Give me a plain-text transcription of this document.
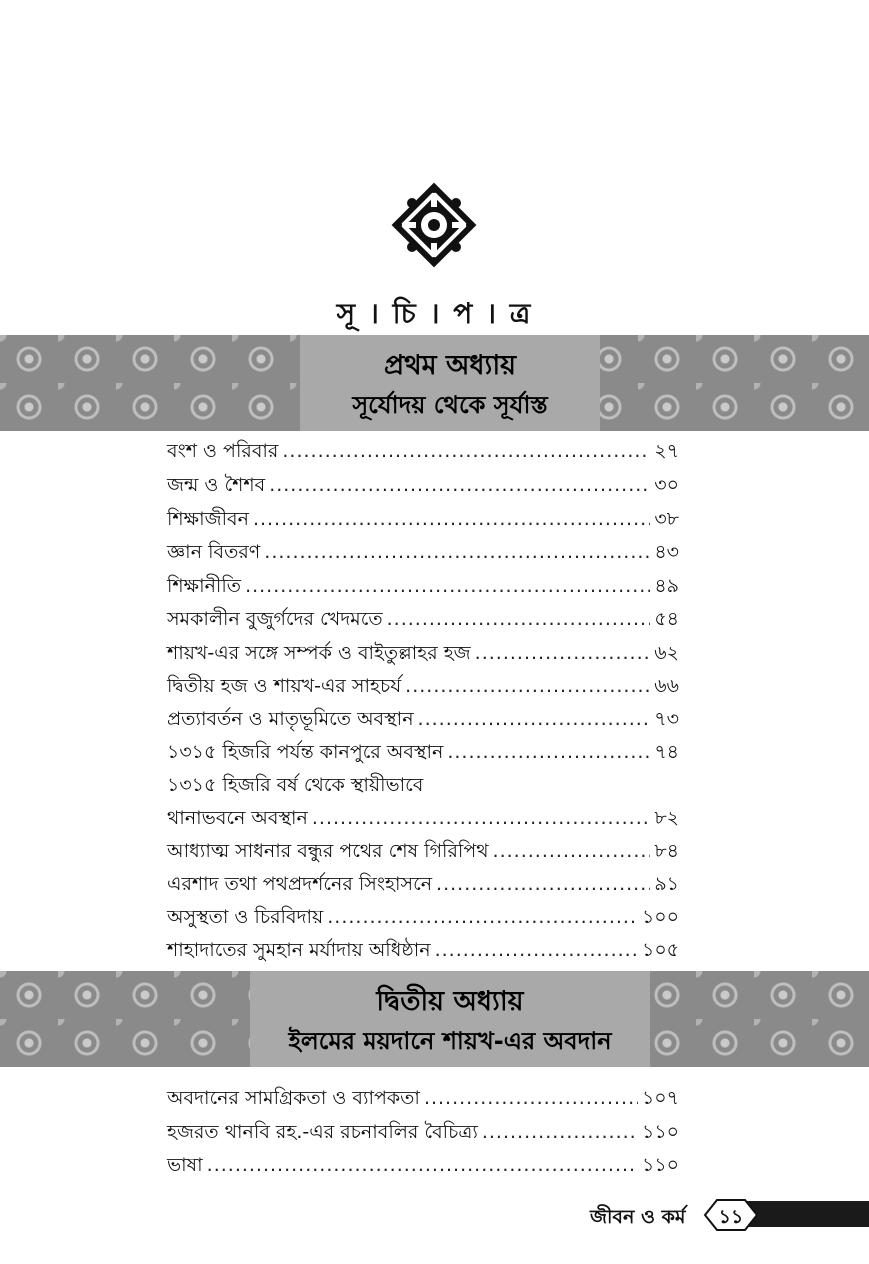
সূ । চি । প । ত্র
প্রথম অধ্যায়
সূর্যোদয় থেকে সূর্যাস্ত
বংশ ও পরিবার .....	২৭
জন্ম ও শৈশব .....	৩০
শিক্ষাজীবন .....	৩৮
জ্ঞান বিতরণ .....	৪৩
শিক্ষানীতি .....	৪৯
সমকালীন বুজুর্গদের খেদমতে .....	৫৪
শায়খ-এর সঙ্গে সম্পর্ক ও বাইতুল্লাহর হজ .....	৬২
দ্বিতীয় হজ ও শায়খ-এর সাহচর্য .....	৬৬
প্রত্যাবর্তন ও মাতৃভূমিতে অবস্থান .....	৭৩
১৩১৫ হিজরি পর্যন্ত কানপুরে অবস্থান .....	৭৪
১৩১৫ হিজরি বর্ষ থেকে স্থায়ীভাবে
থানাভবনে অবস্থান .....	৮২
আধ্যাত্ম সাধনার বন্ধুর পথের শেষ গিরিপিথ .....	৮৪
এরশাদ তথা পথপ্রদর্শনের সিংহাসনে .....	৯১
অসুস্থতা ও চিরবিদায় .....	১০০
শাহাদাতের সুমহান মর্যাদায় অধিষ্ঠান .....	১০৫
দ্বিতীয় অধ্যায়
ইলমের ময়দানে শায়খ-এর অবদান
অবদানের সামগ্রিকতা ও ব্যাপকতা .....	১০৭
হজরত থানবি রহ.-এর রচনাবলির বৈচিত্র্য .....	১১০
ভাষা .....	১১০
জীবন ও কর্ম	১১
